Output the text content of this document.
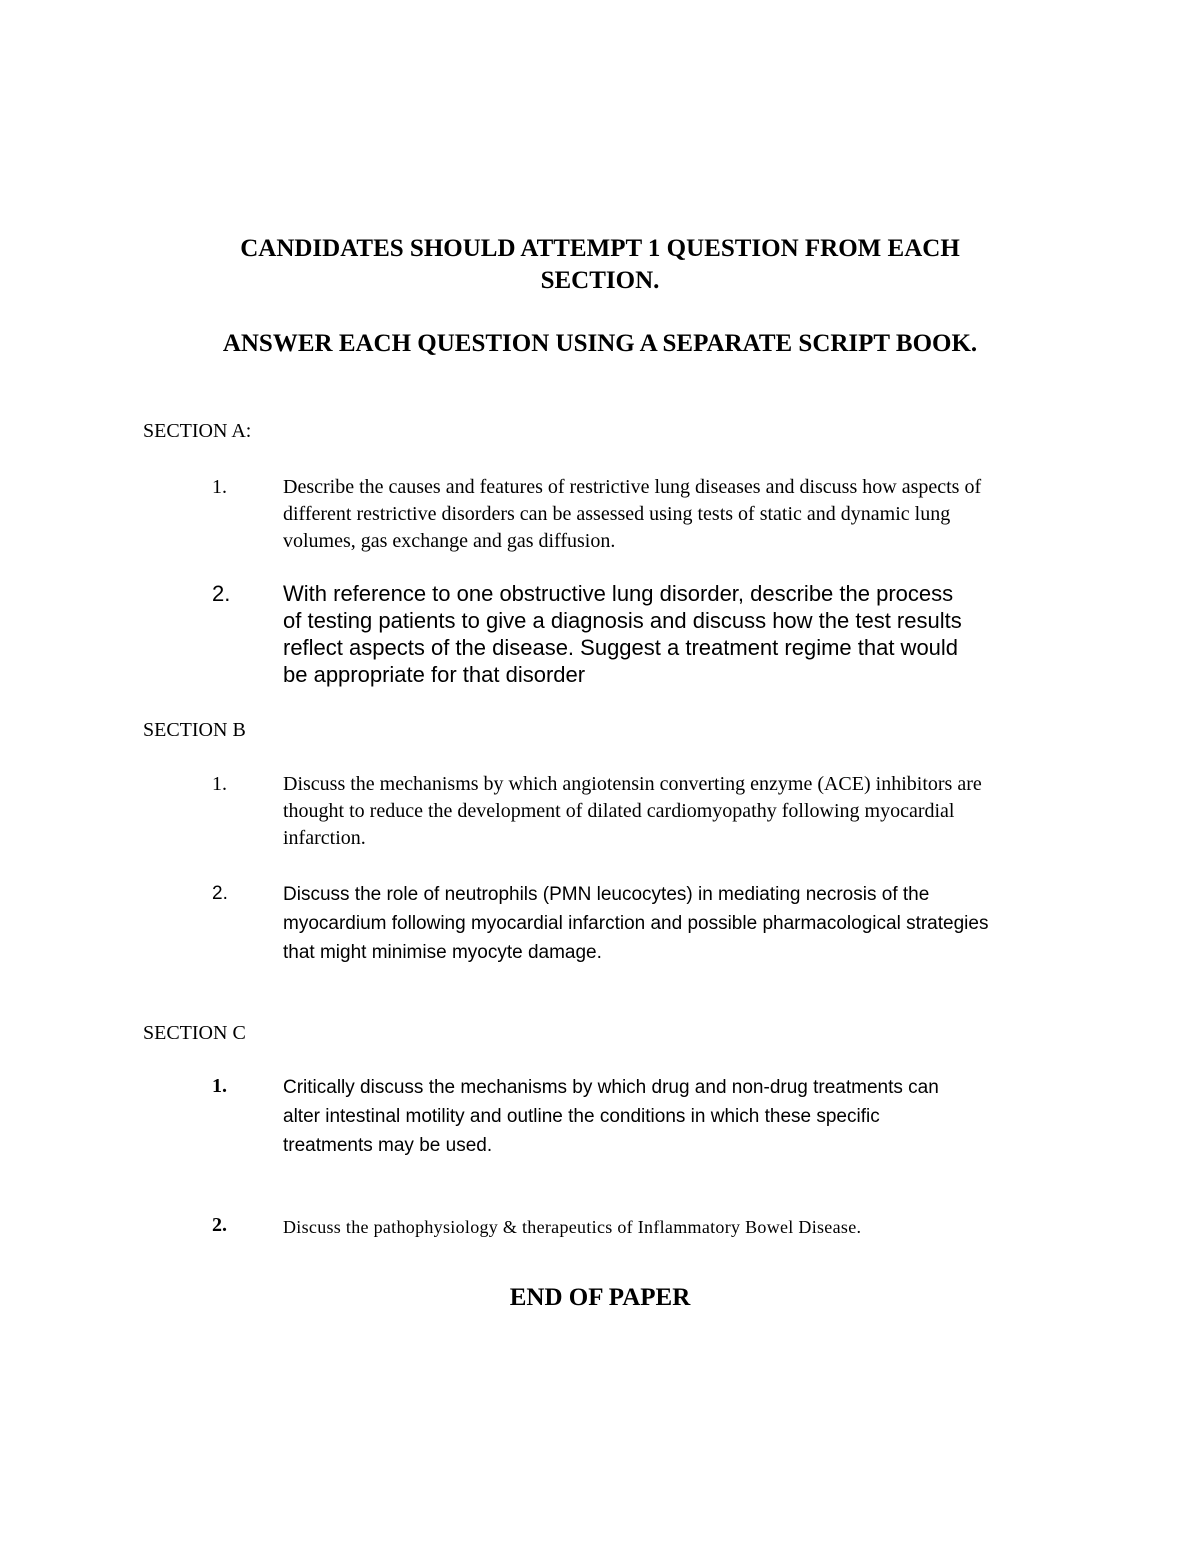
CANDIDATES SHOULD ATTEMPT 1 QUESTION FROM EACH
SECTION.
ANSWER EACH QUESTION USING A SEPARATE SCRIPT BOOK.
SECTION A:
1.	Describe the causes and features of restrictive lung diseases and discuss how aspects of
different restrictive disorders can be assessed using tests of static and dynamic lung
volumes, gas exchange and gas diffusion.
2. With reference to one obstructive lung disorder, describe the process
of testing patients to give a diagnosis and discuss how the test results
reflect aspects of the disease. Suggest a treatment regime that would
be appropriate for that disorder
SECTION B
1.	Discuss the mechanisms by which angiotensin converting enzyme (ACE) inhibitors are
thought to reduce the development of dilated cardiomyopathy following myocardial
infarction.
2.	Discuss the role of neutrophils (PMN leucocytes) in mediating necrosis of the
myocardium following myocardial infarction and possible pharmacological strategies
that might minimise myocyte damage.
SECTION C
1.	Critically discuss the mechanisms by which drug and non-drug treatments can
alter intestinal motility and outline the conditions in which these specific
treatments may be used.
2.	Discuss the pathophysiology & therapeutics of Inflammatory Bowel Disease.
END OF PAPER
